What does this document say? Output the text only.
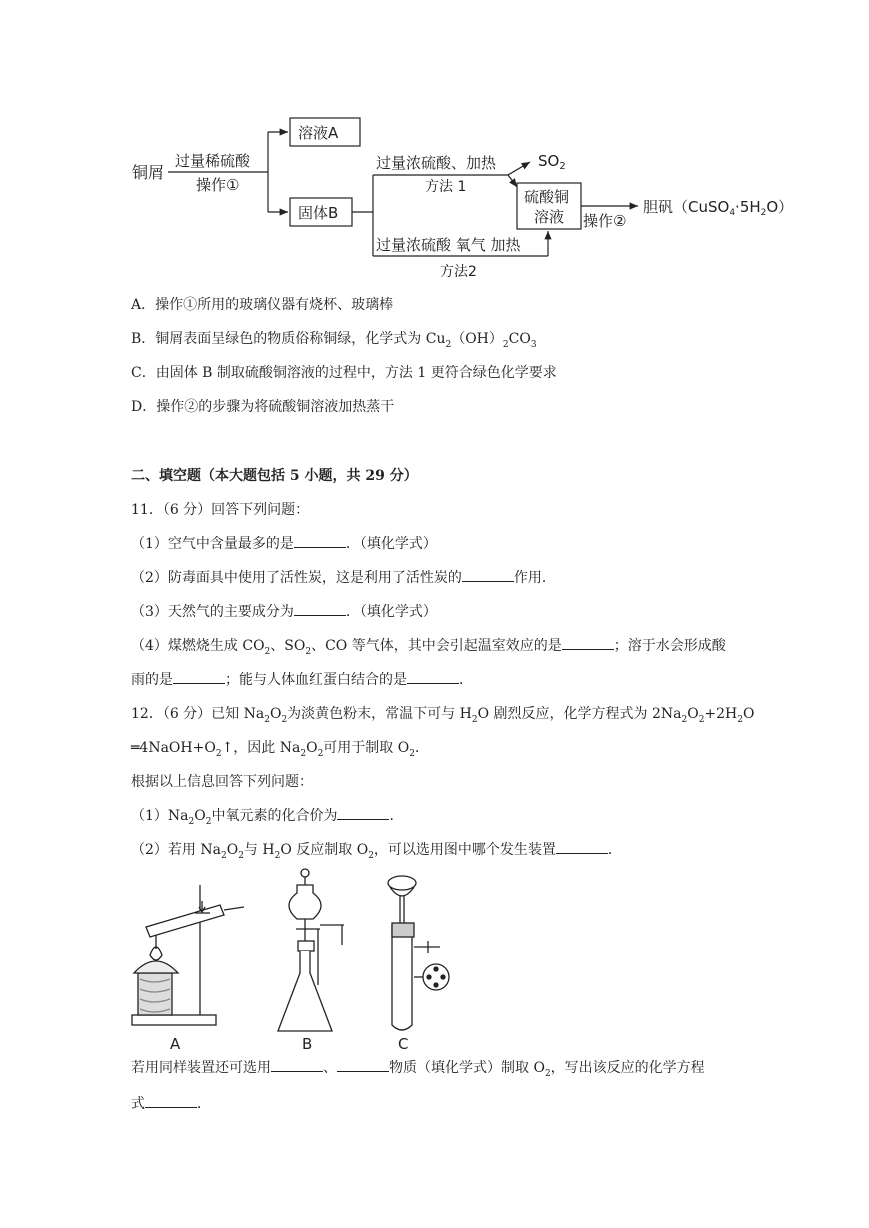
铜屑
过量稀硫酸
操作①
溶液A
固体B
过量浓硫酸、加热
方法 1
$SO_2$
硫酸铜
溶液 操作②
胆矾$(CuSO_4\cdot 5H_2O)$
过量浓硫酸 氧气 加热
方法2
A．操作①所用的玻璃仪器有烧杯、玻璃棒
B．铜屑表面呈绿色的物质俗称铜绿，化学式为 $Cu_2(OH)_2CO_3$
C．由固体 B 制取硫酸铜溶液的过程中，方法 1 更符合绿色化学要求
D．操作②的步骤为将硫酸铜溶液加热蒸干
二、填空题（本大题包括 5 小题，共 29 分）
11．（6 分）回答下列问题：
（1）空气中含量最多的是	．（填化学式）
（2）防毒面具中使用了活性炭，这是利用了活性炭的	作用．
（3）天然气的主要成分为	．（填化学式）
（4）煤燃烧生成 $CO_2$、$SO_2$、CO 等气体，其中会引起温室效应的是	；溶于水会形成酸
雨的是	；能与人体血红蛋白结合的是	．
12．（6 分）已知 $Na_2O_2$为淡黄色粉末，常温下可与 $H_2O$ 剧烈反应，化学方程式为 $2Na_2O_2+2H_2O$
$═4NaOH+O_2↑$，因此 $Na_2O_2$可用于制取 $O_2$．
根据以上信息回答下列问题：
$(1)Na_2O_2$中氧元素的化合价为	．
（2）若用 $Na_2O_2$与 $H_2O$ 反应制取 $O_2$，可以选用图中哪个发生装置	．
A	B	C
若用同样装置还可选用	、	物质（填化学式）制取 $O_2$，写出该反应的化学方程
式	．
